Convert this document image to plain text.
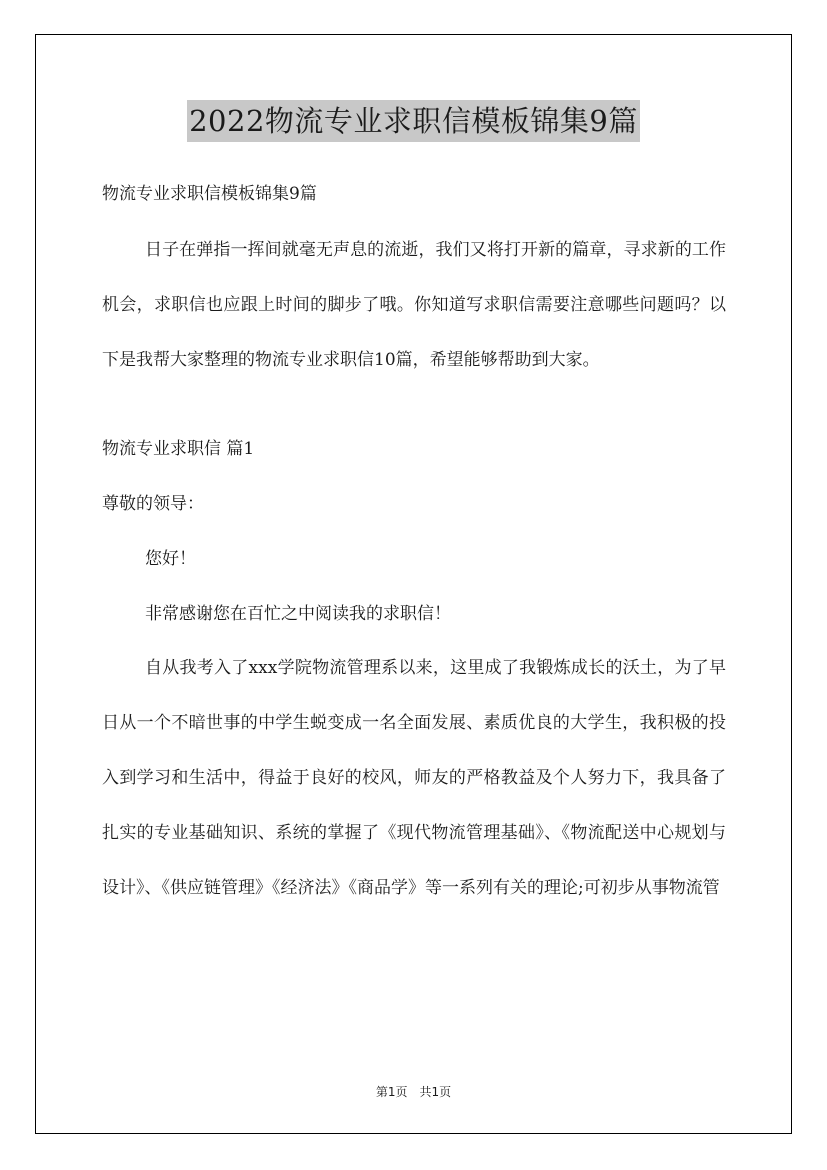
2022物流专业求职信模板锦集9篇

物流专业求职信模板锦集9篇

日子在弹指一挥间就毫无声息的流逝，我们又将打开新的篇章，寻求新的工作机会，求职信也应跟上时间的脚步了哦。你知道写求职信需要注意哪些问题吗？以下是我帮大家整理的物流专业求职信10篇，希望能够帮助到大家。

物流专业求职信 篇1

尊敬的领导：

您好！

非常感谢您在百忙之中阅读我的求职信！

自从我考入了xxx学院物流管理系以来，这里成了我锻炼成长的沃土，为了早日从一个不暗世事的中学生蜕变成一名全面发展、素质优良的大学生，我积极的投入到学习和生活中，得益于良好的校风，师友的严格教益及个人努力下，我具备了扎实的专业基础知识、系统的掌握了《现代物流管理基础》、《物流配送中心规划与设计》、《供应链管理》《经济法》《商品学》等一系列有关的理论;可初步从事物流管

第1页　共1页
